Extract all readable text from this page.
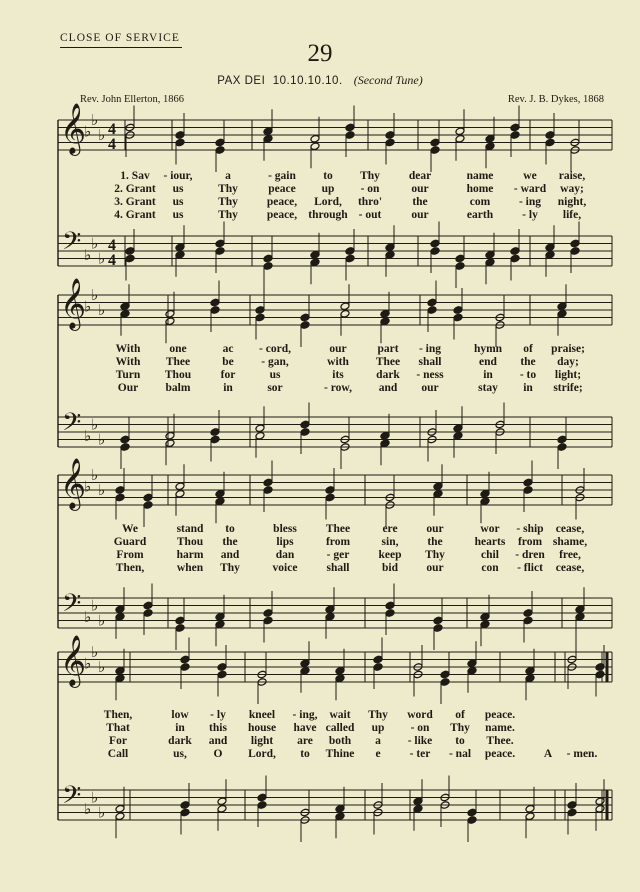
CLOSE OF SERVICE
29
PAX DEI 10.10.10.10. (Second Tune)
Rev. John Ellerton, 1866	Rev. J. B. Dykes, 1868
𝄞
𝄢
♭
♭
♭
♭
♭
♭
4
4
4
4
𝄞
𝄢
♭
♭
♭
♭
♭
♭
𝄞
𝄢
♭
♭
♭
♭
♭
♭
𝄞
𝄢
♭
♭
♭
♭
♭
♭
1. Sav - iour,	a	- gain to Thy	dear	name	we raise,
2. Grant us	Thy	peace up - on	our	home - ward way;
3. Grant us	Thy	peace, Lord, thro'	the	com	- ing night,
4. Grant us	Thy	peace, through - out	our	earth	- ly life,
With	one	ac - cord,	our	part - ing	hymn of praise;
With Thee	be - gan,	with Thee shall	end the day;
Turn Thou	for	us	its	dark - ness	in - to light;
Our balm	in	sor	- row, and our	stay in strife;
We	stand to	bless	Thee	ere	our	wor - ship cease,
Guard	Thou the	lips	from	sin,	the	hearts from shame,
From	harm and	dan	- ger	keep Thy	chil - dren free,
Then,	when Thy	voice	shall	bid our	con - flict cease,
Then,	low - ly kneel - ing, wait Thy word of peace.
That	in this house have called up - on Thy name.
For	dark and light are both a - like to Thee.
Call	us, O Lord, to Thine e	- ter - nal peace. A - men.
